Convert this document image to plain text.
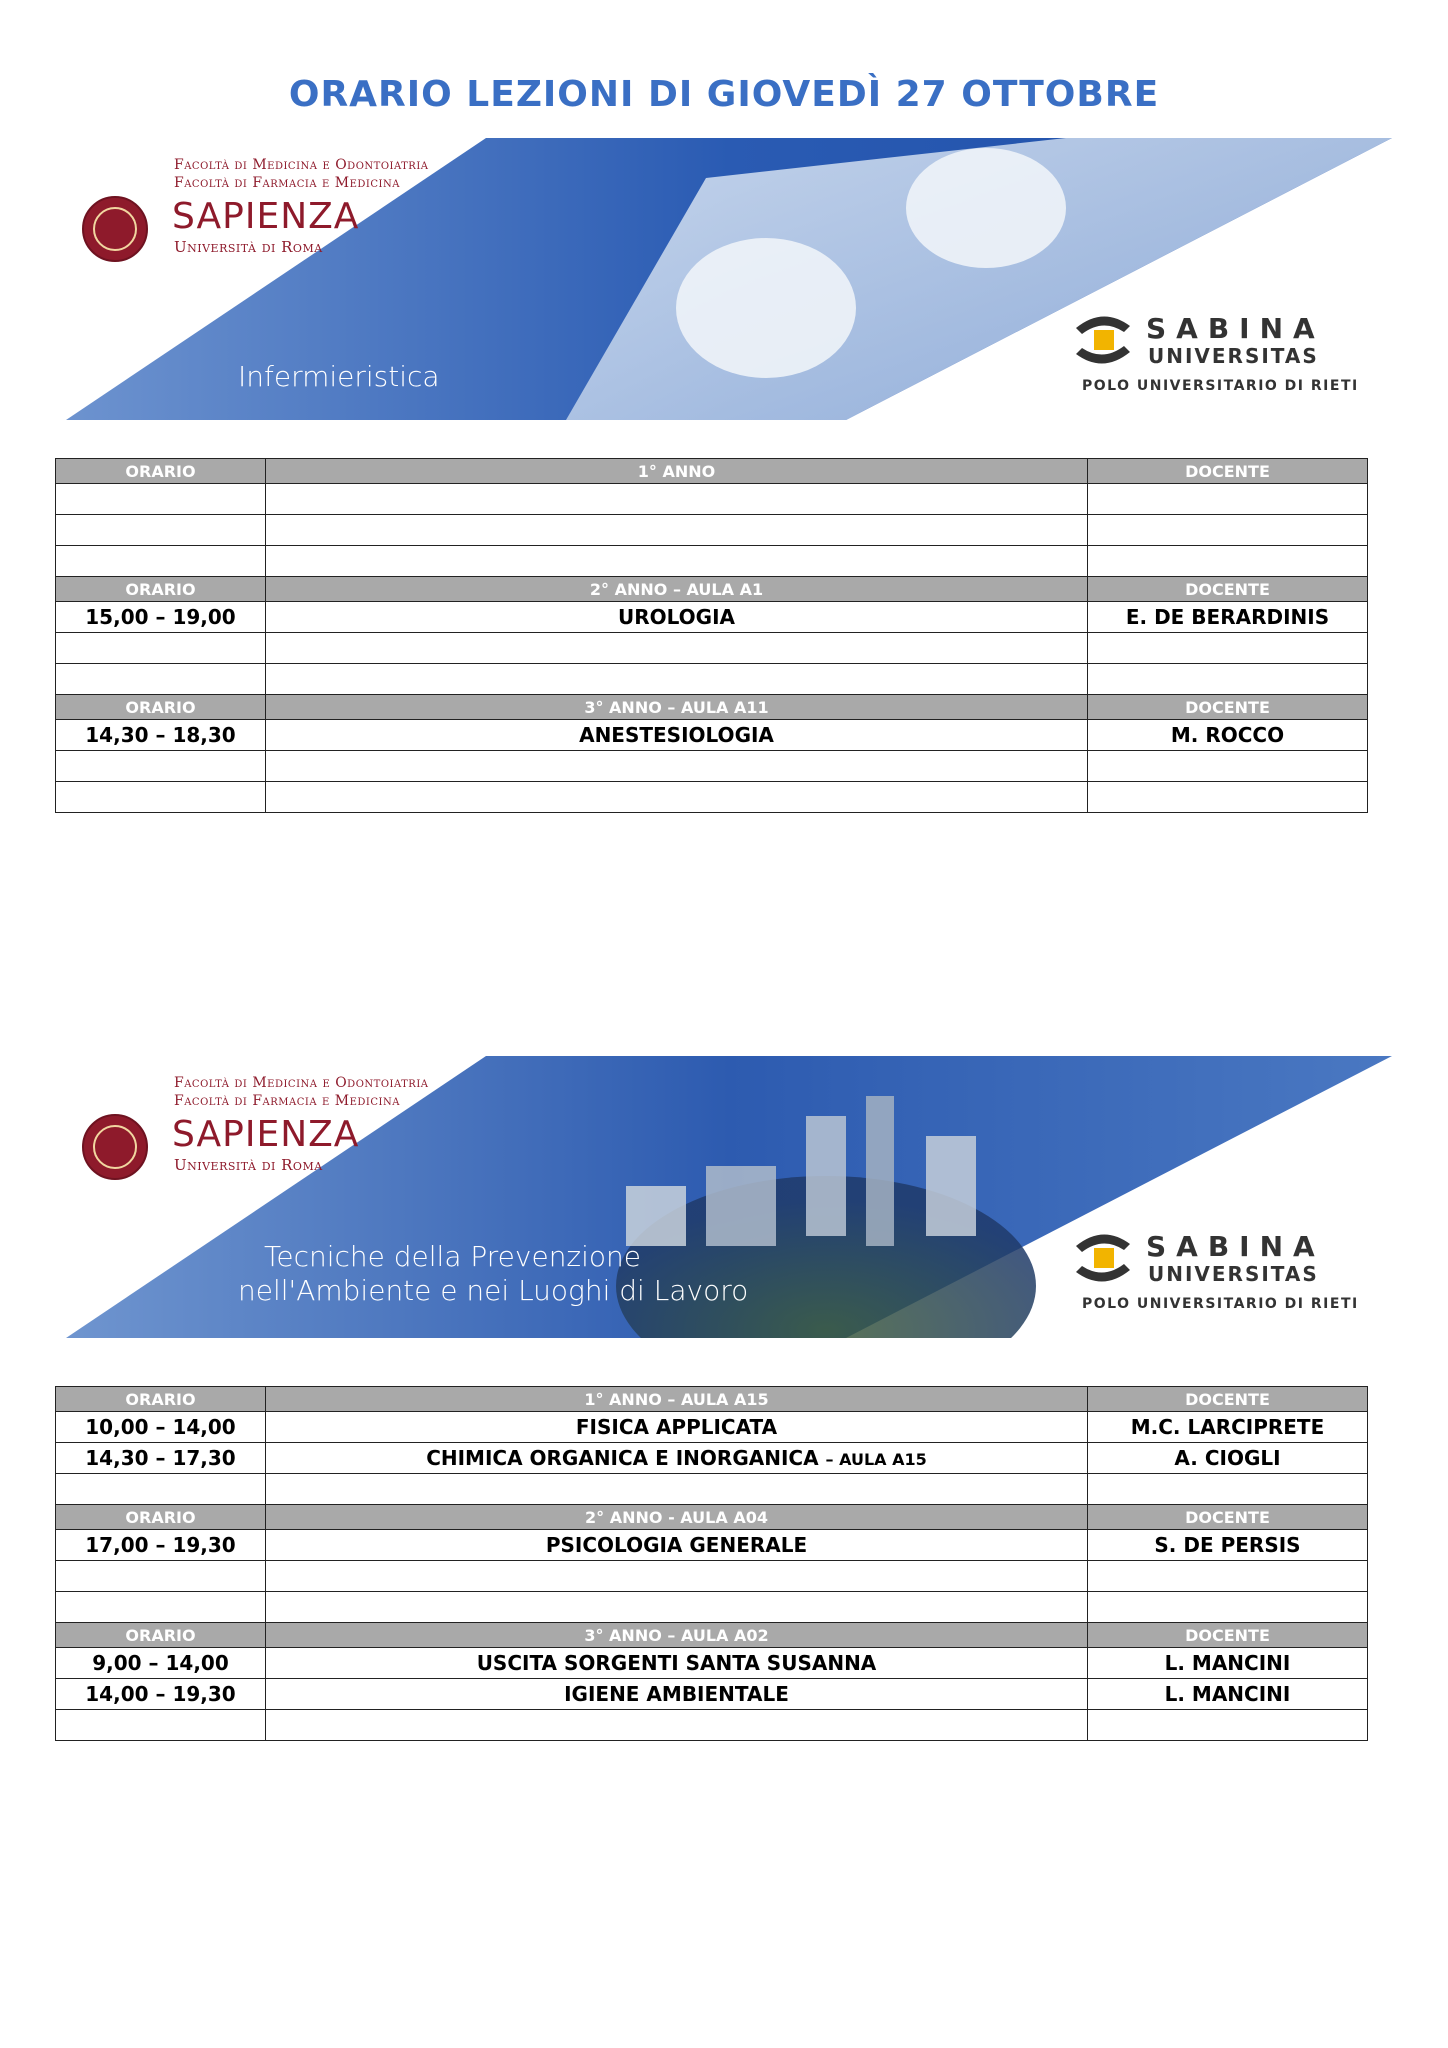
ORARIO LEZIONI DI GIOVEDÌ 27 OTTOBRE
Facoltà di Medicina e Odontoiatria
Facoltà di Farmacia e Medicina
SAPIENZA
Università di Roma
Infermieristica
SABINA
UNIVERSITAS
POLO UNIVERSITARIO DI RIETI
ORARIO	1° ANNO	DOCENTE

ORARIO	2° ANNO – AULA A1	DOCENTE
15,00 – 19,00	UROLOGIA	E. DE BERARDINIS

ORARIO	3° ANNO – AULA A11	DOCENTE
14,30 – 18,30	ANESTESIOLOGIA	M. ROCCO

Facoltà di Medicina e Odontoiatria
Facoltà di Farmacia e Medicina
SAPIENZA
Università di Roma
Tecniche della Prevenzione
nell'Ambiente e nei Luoghi di Lavoro
SABINA
UNIVERSITAS
POLO UNIVERSITARIO DI RIETI
ORARIO	1° ANNO – AULA A15	DOCENTE
10,00 – 14,00	FISICA APPLICATA	M.C. LARCIPRETE
14,30 – 17,30	CHIMICA ORGANICA E INORGANICA – AULA A15	A. CIOGLI

ORARIO	2° ANNO - AULA A04	DOCENTE
17,00 – 19,30	PSICOLOGIA GENERALE	S. DE PERSIS

ORARIO	3° ANNO – AULA A02	DOCENTE
9,00 – 14,00	USCITA SORGENTI SANTA SUSANNA	L. MANCINI
14,00 – 19,30	IGIENE AMBIENTALE	L. MANCINI
